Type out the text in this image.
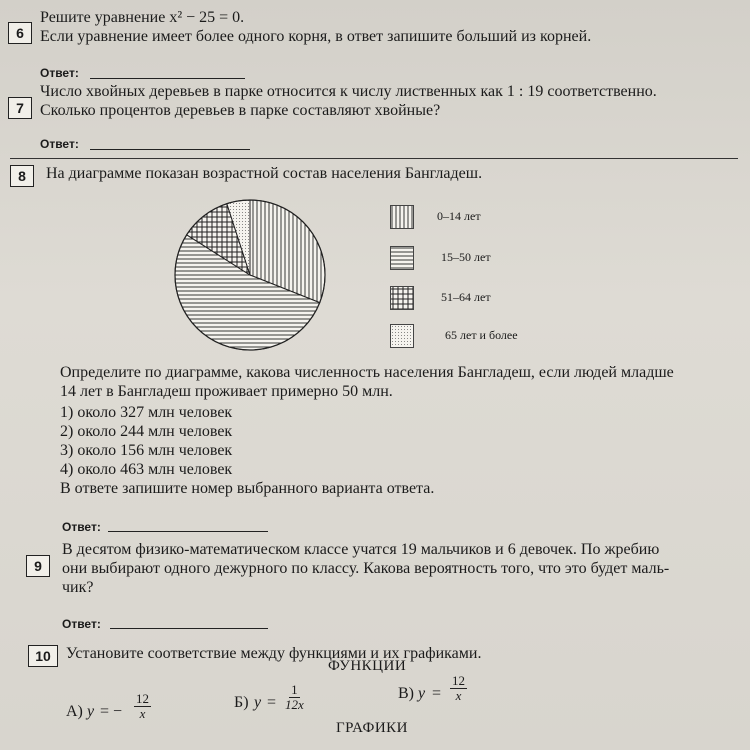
6
Решите уравнение x² − 25 = 0.
Если уравнение имеет более одного корня, в ответ запишите больший из корней.
Ответ:
7
Число хвойных деревьев в парке относится к числу лиственных как 1 : 19 соответственно.
Сколько процентов деревьев в парке составляют хвойные?
Ответ:
8	На диаграмме показан возрастной состав населения Бангладеш.
0–14 лет
15–50 лет
51–64 лет
65 лет и более
Определите по диаграмме, какова численность населения Бангладеш, если людей младше
14 лет в Бангладеш проживает примерно 50 млн.
1) около 327 млн человек
2) около 244 млн человек
3) около 156 млн человек
4) около 463 млн человек
В ответе запишите номер выбранного варианта ответа.
Ответ:
9
В десятом физико-математическом классе учатся 19 мальчиков и 6 девочек. По жребию
они выбирают одного дежурного по классу. Какова вероятность того, что это будет маль-
чик?
Ответ:
10 Установите соответствие между функциями и их графиками.
ФУНКЦИИ
А) y = − $\frac{12}{x}$	Б) $y = \frac{1}{12x}$	В) $y = \frac{12}{x}$
ГРАФИКИ
